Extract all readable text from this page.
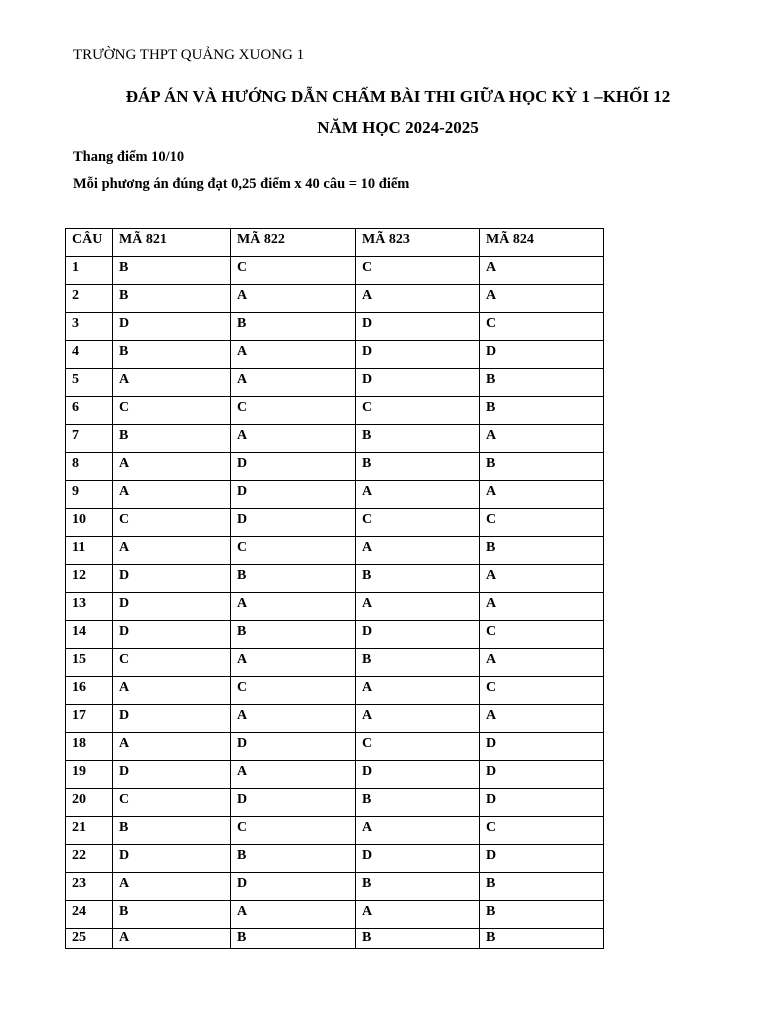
TRƯỜNG THPT QUẢNG XUONG 1
ĐÁP ÁN VÀ HƯỚNG DẪN CHẤM BÀI THI GIỮA HỌC KỲ 1 –KHỐI 12
NĂM HỌC 2024-2025
Thang điểm 10/10
Mỗi phương án đúng đạt 0,25 điểm x 40 câu = 10 điểm
CÂU	MÃ 821	MÃ 822	MÃ 823	MÃ 824
1	B	C	C	A
2	B	A	A	A
3	D	B	D	C
4	B	A	D	D
5	A	A	D	B
6	C	C	C	B
7	B	A	B	A
8	A	D	B	B
9	A	D	A	A
10	C	D	C	C
11	A	C	A	B
12	D	B	B	A
13	D	A	A	A
14	D	B	D	C
15	C	A	B	A
16	A	C	A	C
17	D	A	A	A
18	A	D	C	D
19	D	A	D	D
20	C	D	B	D
21	B	C	A	C
22	D	B	D	D
23	A	D	B	B
24	B	A	A	B
25	A	B	B	B
